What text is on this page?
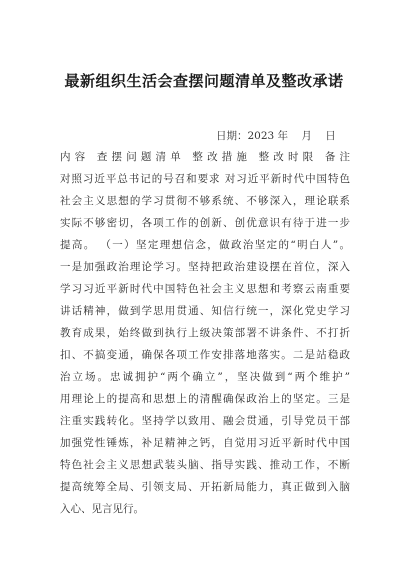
最新组织生活会查摆问题清单及整改承诺
日期：2023 年    月    日
内容 查摆问题清单 整改措施 整改时限 备注
对照习近平总书记的号召和要求 对习近平新时代中国特色
社会主义思想的学习贯彻不够系统、不够深入，理论联系
实际不够密切，各项工作的创新、创优意识有待于进一步
提高。 （一）坚定理想信念，做政治坚定的“明白人”。
一是加强政治理论学习。坚持把政治建设摆在首位，深入
学习习近平新时代中国特色社会主义思想和考察云南重要
讲话精神，做到学思用贯通、知信行统一，深化党史学习
教育成果，始终做到执行上级决策部署不讲条件、不打折
扣、不搞变通，确保各项工作安排落地落实。二是站稳政
治立场。忠诚拥护“两个确立”，坚决做到“两个维护”
用理论上的提高和思想上的清醒确保政治上的坚定。三是
注重实践转化。坚持学以致用、融会贯通，引导党员干部
加强党性锤炼，补足精神之钙，自觉用习近平新时代中国
特色社会主义思想武装头脑、指导实践、推动工作，不断
提高统筹全局、引领支局、开拓新局能力，真正做到入脑
入心、见言见行。
